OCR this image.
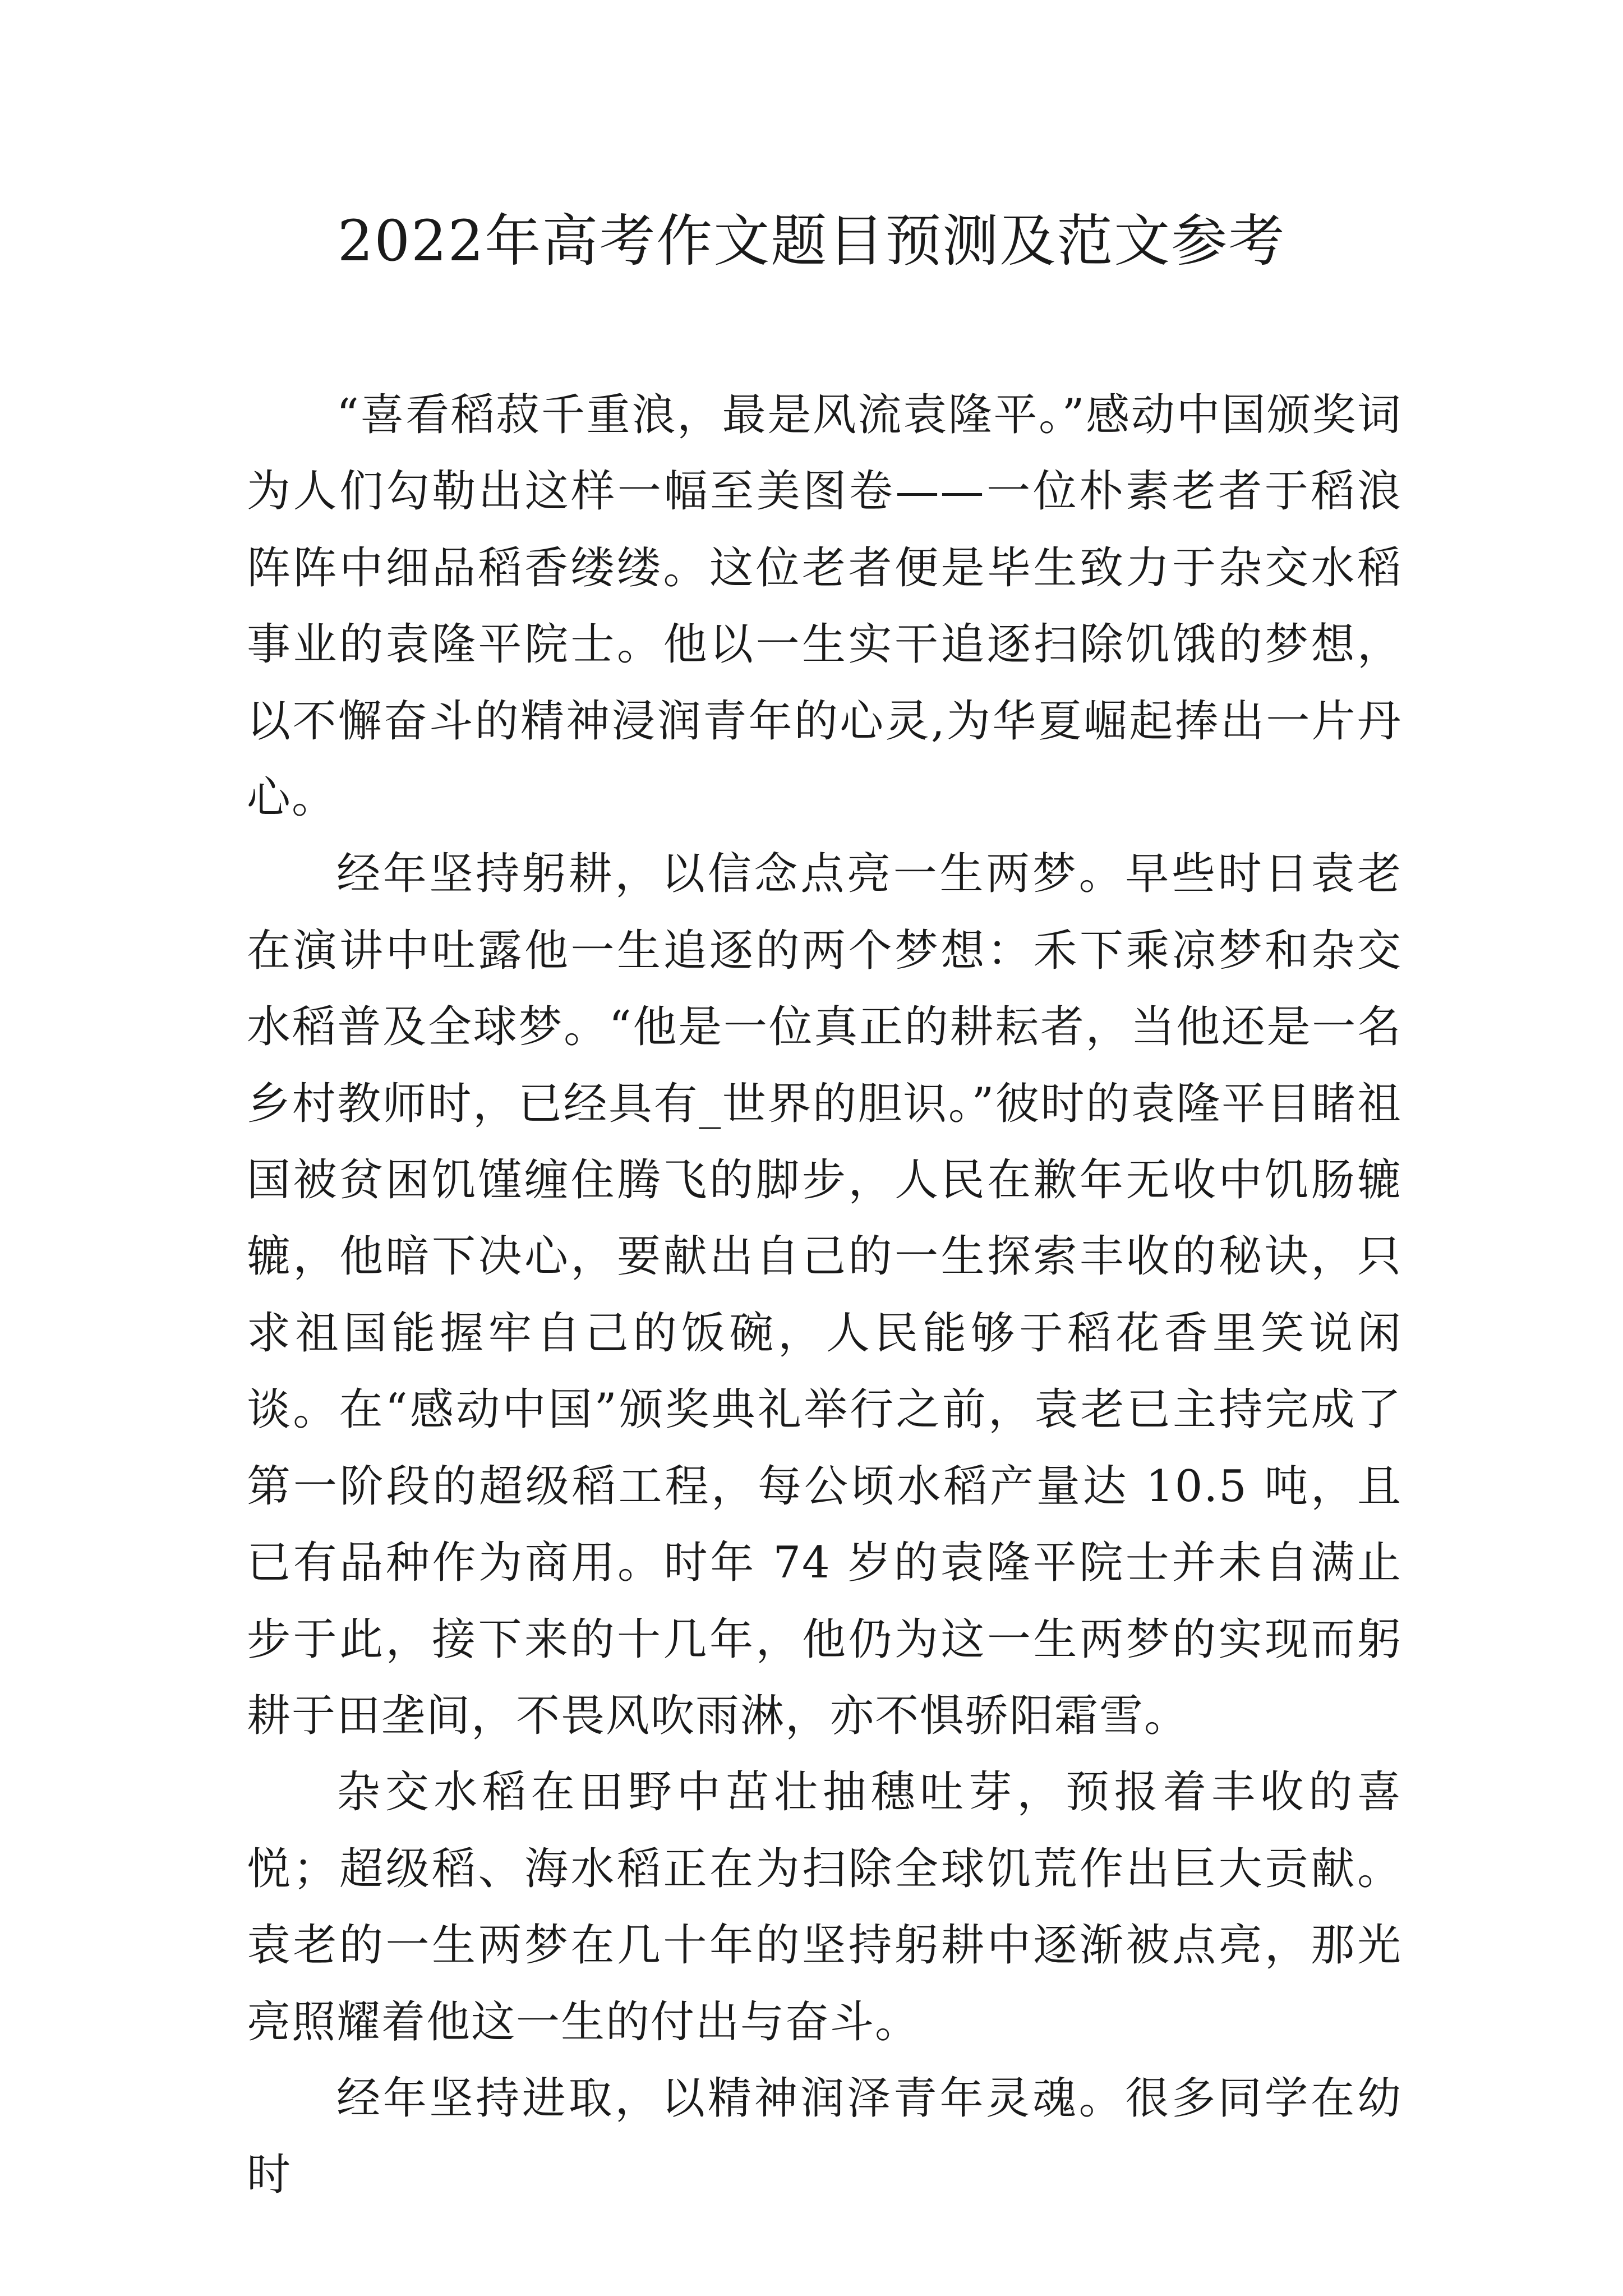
2022年高考作文题目预测及范文参考

“喜看稻菽千重浪，最是风流袁隆平。”感动中国颁奖词为人们勾勒出这样一幅至美图卷——一位朴素老者于稻浪阵阵中细品稻香缕缕。这位老者便是毕生致力于杂交水稻事业的袁隆平院士。他以一生实干追逐扫除饥饿的梦想，以不懈奋斗的精神浸润青年的心灵,为华夏崛起捧出一片丹心。

经年坚持躬耕，以信念点亮一生两梦。早些时日袁老在演讲中吐露他一生追逐的两个梦想：禾下乘凉梦和杂交水稻普及全球梦。“他是一位真正的耕耘者，当他还是一名乡村教师时，已经具有_世界的胆识。”彼时的袁隆平目睹祖国被贫困饥馑缠住腾飞的脚步，人民在歉年无收中饥肠辘辘，他暗下决心，要献出自己的一生探索丰收的秘诀，只求祖国能握牢自己的饭碗，人民能够于稻花香里笑说闲谈。在“感动中国”颁奖典礼举行之前，袁老已主持完成了第一阶段的超级稻工程，每公顷水稻产量达 10.5 吨，且已有品种作为商用。时年 74 岁的袁隆平院士并未自满止步于此，接下来的十几年，他仍为这一生两梦的实现而躬耕于田垄间，不畏风吹雨淋，亦不惧骄阳霜雪。

杂交水稻在田野中茁壮抽穗吐芽，预报着丰收的喜悦；超级稻、海水稻正在为扫除全球饥荒作出巨大贡献。袁老的一生两梦在几十年的坚持躬耕中逐渐被点亮，那光亮照耀着他这一生的付出与奋斗。

经年坚持进取，以精神润泽青年灵魂。很多同学在幼时
